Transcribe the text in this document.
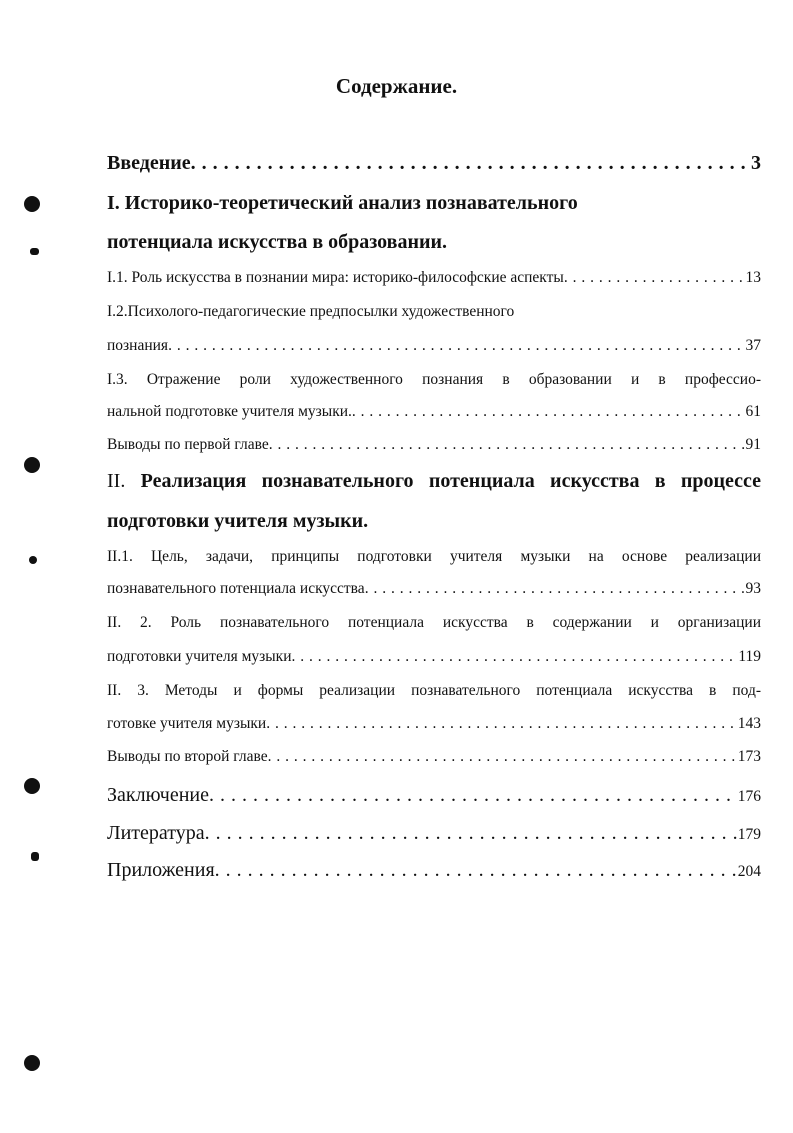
Содержание.
Введение . . .	3
I. Историко-теоретический анализ познавательного
потенциала искусства в образовании.
I.1. Роль искусства в познании мира: историко-философские аспекты . . .	13
I.2.Психолого-педагогические предпосылки художественного
познания . . .	37
I.3. Отражение роли художественного познания в образовании и в профессио-
нальной подготовке учителя музыки. . . .	61
Выводы по первой главе . . .	91
II. Реализация познавательного потенциала искусства в процессе
подготовки учителя музыки.
II.1. Цель, задачи, принципы подготовки учителя музыки на основе реализации
познавательного потенциала искусства . . .	93
II. 2. Роль познавательного потенциала искусства в содержании и организации
подготовки учителя музыки . . .	119
II. 3. Методы и формы реализации познавательного потенциала искусства в под-
готовке учителя музыки . . .	143
Выводы по второй главе . . .	173
Заключение . . .	176
Литература . . .	179
Приложения . . .	204
